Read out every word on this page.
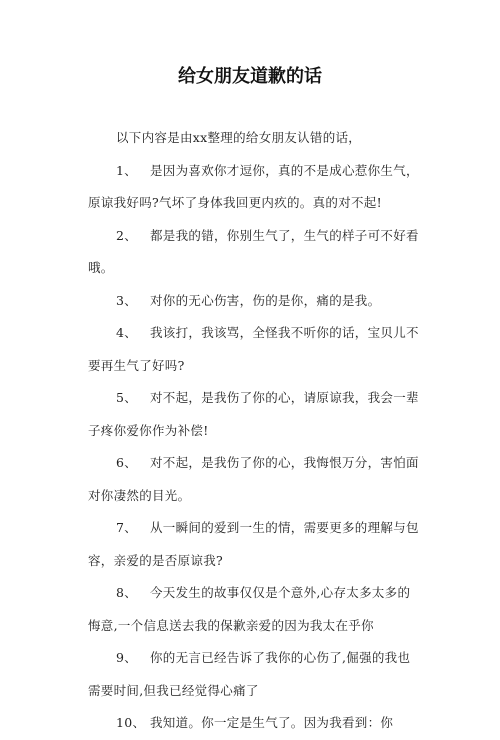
给女朋友道歉的话

以下内容是由xx整理的给女朋友认错的话，

1、 是因为喜欢你才逗你，真的不是成心惹你生气，原谅我好吗?气坏了身体我回更内疚的。真的对不起!

2、 都是我的错，你别生气了，生气的样子可不好看哦。

3、 对你的无心伤害，伤的是你，痛的是我。

4、 我该打，我该骂，全怪我不听你的话，宝贝儿不要再生气了好吗?

5、 对不起，是我伤了你的心，请原谅我，我会一辈子疼你爱你作为补偿!

6、 对不起，是我伤了你的心，我悔恨万分，害怕面对你凄然的目光。

7、 从一瞬间的爱到一生的情，需要更多的理解与包容，亲爱的是否原谅我?

8、 今天发生的故事仅仅是个意外,心存太多太多的悔意,一个信息送去我的保歉亲爱的因为我太在乎你

9、 你的无言已经告诉了我你的心伤了,倔强的我也需要时间,但我已经觉得心痛了

10、 我知道。你一定是生气了。因为我看到：你
